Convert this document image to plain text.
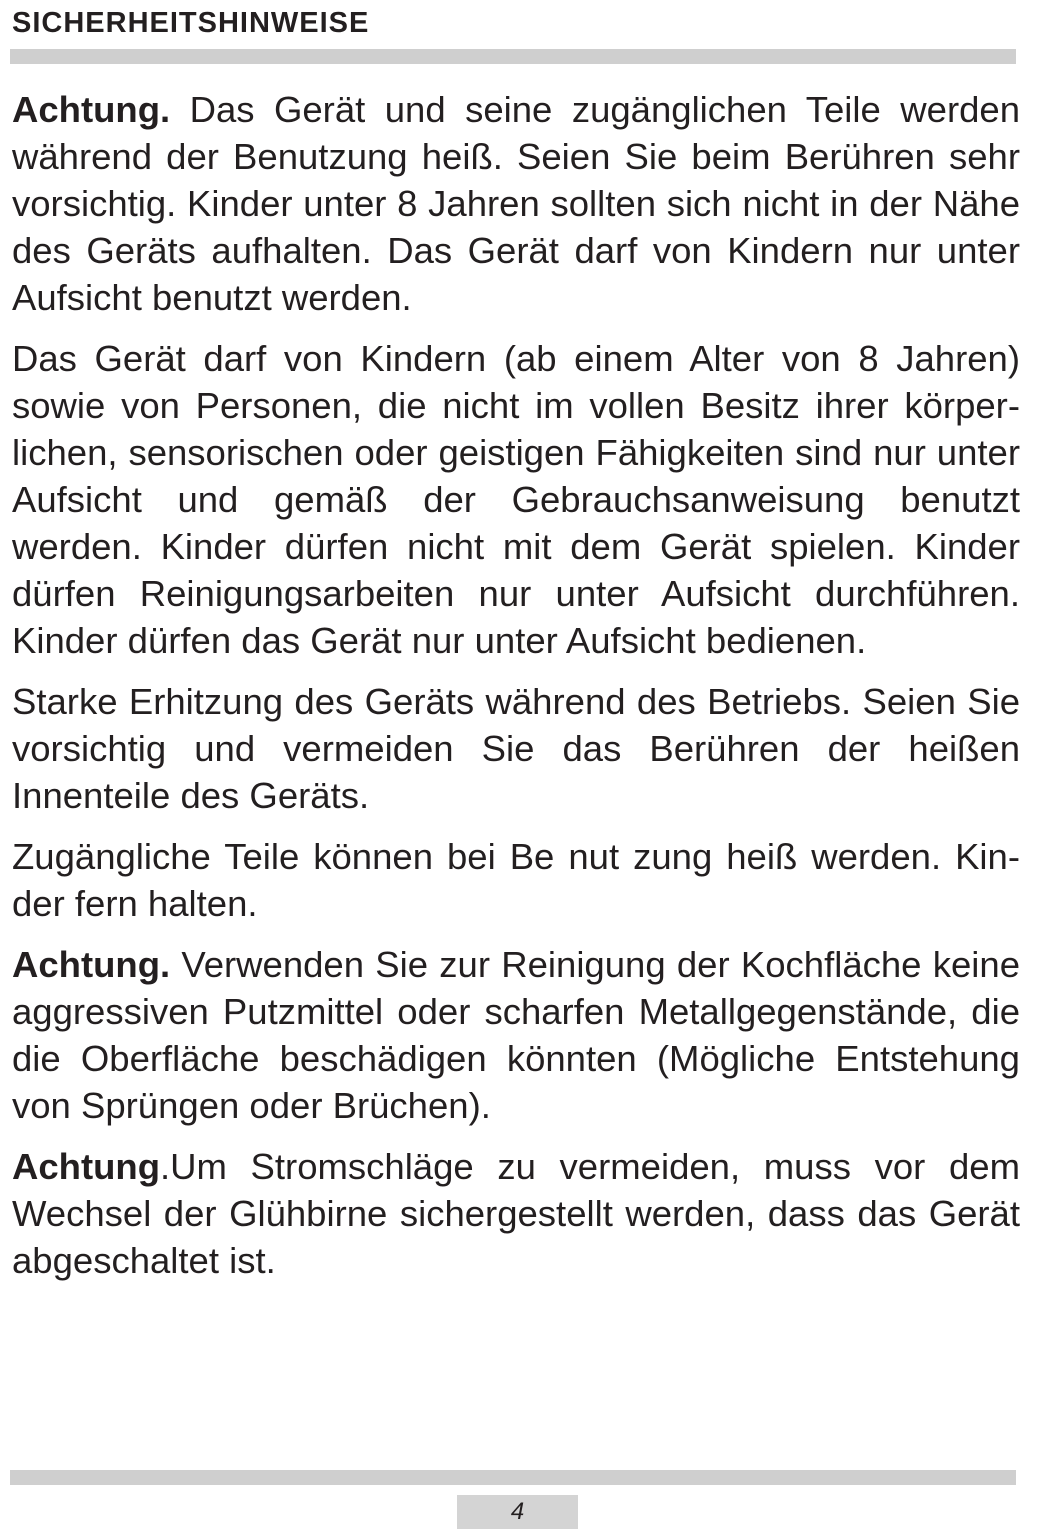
SICHERHEITSHINWEISE

Achtung. Das Gerät und seine zugänglichen Teile werden während der Benutzung heiß. Seien Sie beim Berühren sehr vorsichtig. Kinder unter 8 Jahren sollten sich nicht in der Nähe des Geräts aufhalten. Das Gerät darf von Kindern nur unter Aufsicht benutzt werden.

Das Gerät darf von Kindern (ab einem Alter von 8 Jahren) sowie von Personen, die nicht im vollen Besitz ihrer körperlichen, sensorischen oder geistigen Fähigkeiten sind nur unter Aufsicht und gemäß der Gebrauchsanweisung benutzt werden. Kinder dürfen nicht mit dem Gerät spielen. Kinder dürfen Reinigungsarbeiten nur unter Aufsicht durchführen. Kinder dürfen das Gerät nur unter Aufsicht bedienen.

Starke Erhitzung des Geräts während des Betriebs. Seien Sie vorsichtig und vermeiden Sie das Berühren der heißen Innenteile des Geräts.

Zugängliche Teile können bei Be nut zung heiß werden. Kinder fern halten.

Achtung. Verwenden Sie zur Reinigung der Kochfläche keine aggressiven Putzmittel oder scharfen Metallgegenstände, die die Oberfläche beschädigen könnten (Mögliche Entstehung von Sprüngen oder Brüchen).

Achtung.Um Stromschläge zu vermeiden, muss vor dem Wechsel der Glühbirne sichergestellt werden, dass das Gerät abgeschaltet ist.

4
